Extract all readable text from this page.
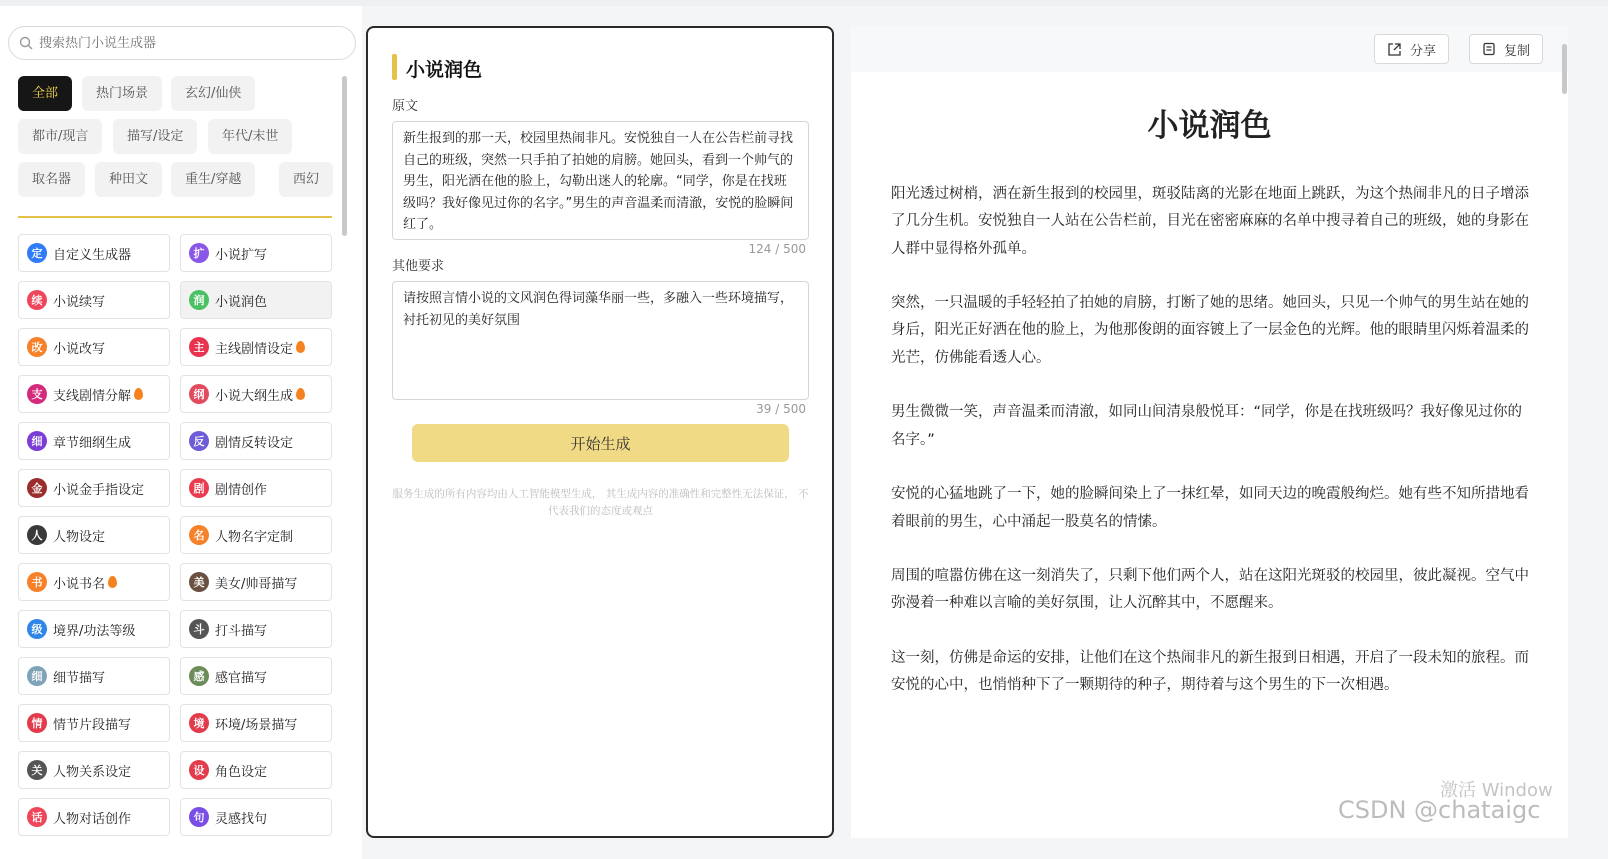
搜索热门小说生成器
全部	热门场景	玄幻/仙侠
都市/现言	描写/设定	年代/末世
取名器	种田文	重生/穿越	西幻
定 自定义生成器	扩 小说扩写
续 小说续写	润 小说润色
改 小说改写	主 主线剧情设定
支 支线剧情分解	纲 小说大纲生成
细 章节细纲生成	反 剧情反转设定
金 小说金手指设定	剧 剧情创作
人 人物设定	名 人物名字定制
书 小说书名	美 美女/帅哥描写
级 境界/功法等级	斗 打斗描写
细 细节描写	感 感官描写
情 情节片段描写	境 环境/场景描写
关 人物关系设定	设 角色设定
话 人物对话创作	句 灵感找句
小说润色
原文
新生报到的那一天，校园里热闹非凡。安悦独自一人在公告栏前寻找自己的班级，突然一只手拍了拍她的肩膀。她回头，看到一个帅气的男生，阳光洒在他的脸上，勾勒出迷人的轮廓。“同学，你是在找班级吗？我好像见过你的名字。”男生的声音温柔而清澈，安悦的脸瞬间红了。
124 / 500
其他要求
请按照言情小说的文风润色得词藻华丽一些，多融入一些环境描写，衬托初见的美好氛围
39 / 500
开始生成
服务生成的所有内容均由人工智能模型生成， 其生成内容的准确性和完整性无法保证， 不代表我们的态度或观点
分享	复制
小说润色

阳光透过树梢，洒在新生报到的校园里，斑驳陆离的光影在地面上跳跃，为这个热闹非凡的日子增添了几分生机。安悦独自一人站在公告栏前，目光在密密麻麻的名单中搜寻着自己的班级，她的身影在人群中显得格外孤单。

突然，一只温暖的手轻轻拍了拍她的肩膀，打断了她的思绪。她回头，只见一个帅气的男生站在她的身后，阳光正好洒在他的脸上，为他那俊朗的面容镀上了一层金色的光辉。他的眼睛里闪烁着温柔的光芒，仿佛能看透人心。

男生微微一笑，声音温柔而清澈，如同山间清泉般悦耳：“同学，你是在找班级吗？我好像见过你的名字。”

安悦的心猛地跳了一下，她的脸瞬间染上了一抹红晕，如同天边的晚霞般绚烂。她有些不知所措地看着眼前的男生，心中涌起一股莫名的情愫。

周围的喧嚣仿佛在这一刻消失了，只剩下他们两个人，站在这阳光斑驳的校园里，彼此凝视。空气中弥漫着一种难以言喻的美好氛围，让人沉醉其中，不愿醒来。

这一刻，仿佛是命运的安排，让他们在这个热闹非凡的新生报到日相遇，开启了一段未知的旅程。而安悦的心中，也悄悄种下了一颗期待的种子，期待着与这个男生的下一次相遇。

激活 Window
CSDN @chataigc
